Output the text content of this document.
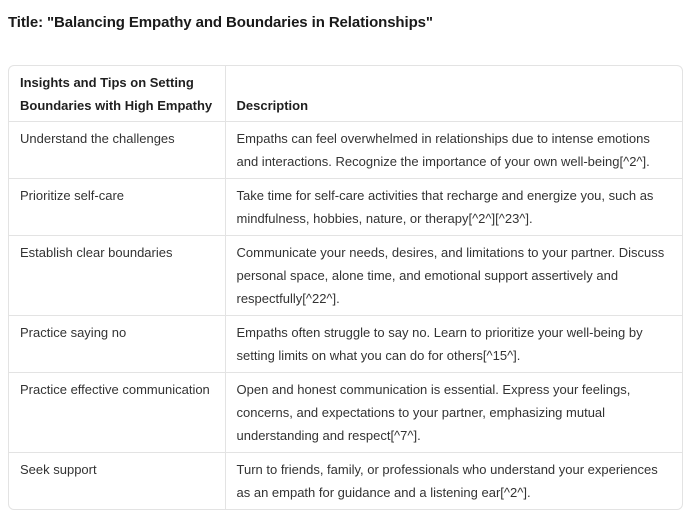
Title: "Balancing Empathy and Boundaries in Relationships"
Insights and Tips on Setting Boundaries with High Empathy	Description
Understand the challenges	Empaths can feel overwhelmed in relationships due to intense emotions and interactions. Recognize the importance of your own well-being[^2^].
Prioritize self-care	Take time for self-care activities that recharge and energize you, such as mindfulness, hobbies, nature, or therapy[^2^][^23^].
Establish clear boundaries	Communicate your needs, desires, and limitations to your partner. Discuss personal space, alone time, and emotional support assertively and respectfully[^22^].
Practice saying no	Empaths often struggle to say no. Learn to prioritize your well-being by setting limits on what you can do for others[^15^].
Practice effective communication	Open and honest communication is essential. Express your feelings, concerns, and expectations to your partner, emphasizing mutual understanding and respect[^7^].
Seek support	Turn to friends, family, or professionals who understand your experiences as an empath for guidance and a listening ear[^2^].
